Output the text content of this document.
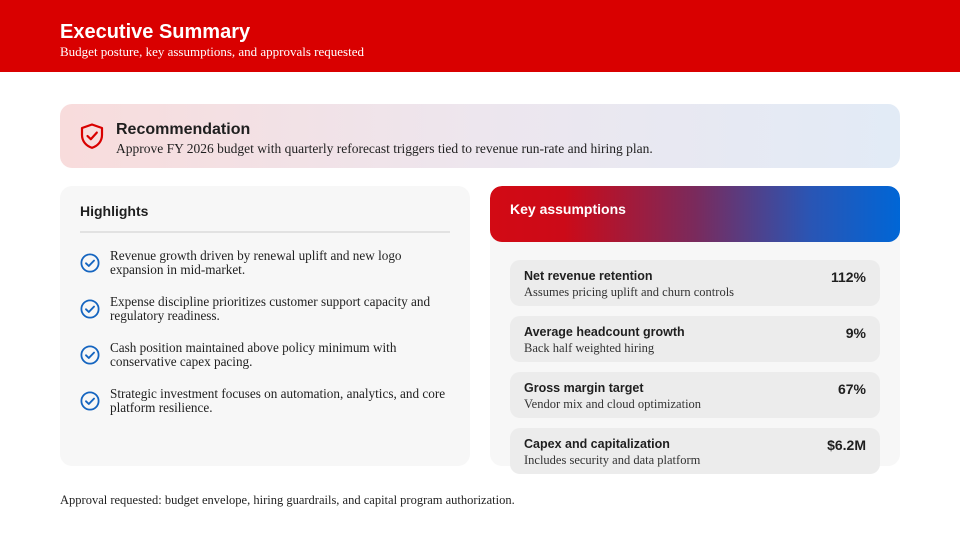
Executive Summary
Budget posture, key assumptions, and approvals requested
Recommendation
Approve FY 2026 budget with quarterly reforecast triggers tied to revenue run-rate and hiring plan.
Highlights
Revenue growth driven by renewal uplift and new logo expansion in mid-market.
Expense discipline prioritizes customer support capacity and regulatory readiness.
Cash position maintained above policy minimum with conservative capex pacing.
Strategic investment focuses on automation, analytics, and core platform resilience.
Key assumptions
Net revenue retention
Assumes pricing uplift and churn controls
112%
Average headcount growth
Back half weighted hiring
9%
Gross margin target
Vendor mix and cloud optimization
67%
Capex and capitalization
Includes security and data platform
$6.2M
Approval requested: budget envelope, hiring guardrails, and capital program authorization.
